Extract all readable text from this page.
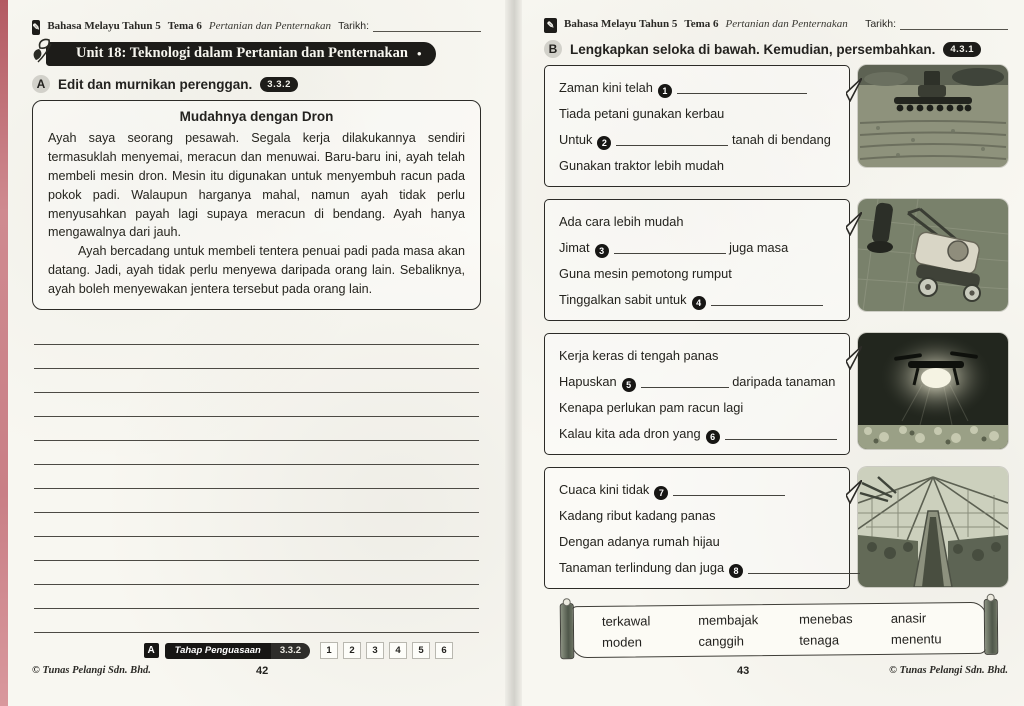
✎ Bahasa Melayu Tahun 5 Tema 6 Pertanian dan Penternakan Tarikh:
Unit 18: Teknologi dalam Pertanian dan Penternakan •
A Edit dan murnikan perenggan.	3.3.2
Mudahnya dengan Dron

Ayah saya seorang pesawah. Segala kerja dilakukannya sendiri termasuklah menyemai, meracun dan menuwai. Baru-baru ini, ayah telah membeli mesin dron. Mesin itu digunakan untuk menyembuh racun pada pokok padi. Walaupun harganya mahal, namun ayah tidak perlu menyusahkan payah lagi supaya meracun di bendang. Ayah hanya mengawalnya dari jauh.

Ayah bercadang untuk membeli tentera penuai padi pada masa akan datang. Jadi, ayah tidak perlu menyewa daripada orang lain. Sebaliknya, ayah boleh menyewakan jentera tersebut pada orang lain.

A	Tahap Penguasaan	3.3.2	1	2	3	4	5	6
© Tunas Pelangi Sdn. Bhd.	42
✎ Bahasa Melayu Tahun 5 Tema 6 Pertanian dan Penternakan Tarikh:
B Lengkapkan seloka di bawah. Kemudian, persembahkan.	4.3.1
Zaman kini telah 1
Tiada petani gunakan kerbau
Untuk 2	tanah di bendang
Gunakan traktor lebih mudah
Ada cara lebih mudah
Jimat 3	juga masa
Guna mesin pemotong rumput
Tinggalkan sabit untuk 4
Kerja keras di tengah panas
Hapuskan 5	daripada tanaman
Kenapa perlukan pam racun lagi
Kalau kita ada dron yang 6
Cuaca kini tidak 7
Kadang ribut kadang panas
Dengan adanya rumah hijau
Tanaman terlindung dan juga 8
terkawal	membajak	menebas	anasir
moden	canggih	tenaga	menentu
43	© Tunas Pelangi Sdn. Bhd.
